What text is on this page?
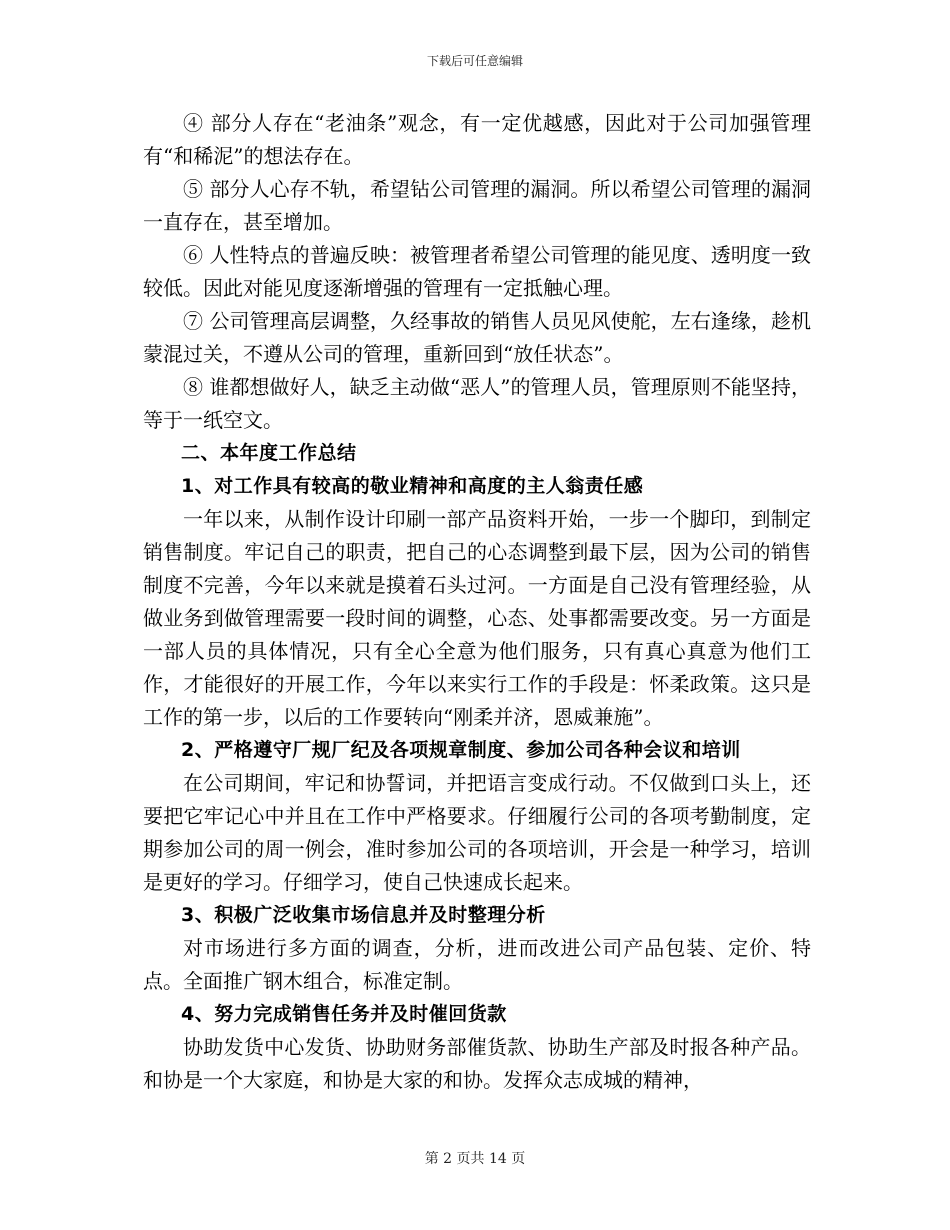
下载后可任意编辑

④ 部分人存在“老油条”观念，有一定优越感，因此对于公司加强管理有“和稀泥”的想法存在。

⑤ 部分人心存不轨，希望钻公司管理的漏洞。所以希望公司管理的漏洞一直存在，甚至增加。

⑥ 人性特点的普遍反映：被管理者希望公司管理的能见度、透明度一致较低。因此对能见度逐渐增强的管理有一定抵触心理。

⑦ 公司管理高层调整，久经事故的销售人员见风使舵，左右逢缘，趁机蒙混过关，不遵从公司的管理，重新回到“放任状态”。

⑧ 谁都想做好人，缺乏主动做“恶人”的管理人员，管理原则不能坚持，等于一纸空文。

二、本年度工作总结

1、对工作具有较高的敬业精神和高度的主人翁责任感

一年以来，从制作设计印刷一部产品资料开始，一步一个脚印，到制定销售制度。牢记自己的职责，把自己的心态调整到最下层，因为公司的销售制度不完善，今年以来就是摸着石头过河。一方面是自己没有管理经验，从做业务到做管理需要一段时间的调整，心态、处事都需要改变。另一方面是一部人员的具体情况，只有全心全意为他们服务，只有真心真意为他们工作，才能很好的开展工作，今年以来实行工作的手段是：怀柔政策。这只是工作的第一步，以后的工作要转向“刚柔并济，恩威兼施”。

2、严格遵守厂规厂纪及各项规章制度、参加公司各种会议和培训

在公司期间，牢记和协誓词，并把语言变成行动。不仅做到口头上，还要把它牢记心中并且在工作中严格要求。仔细履行公司的各项考勤制度，定期参加公司的周一例会，准时参加公司的各项培训，开会是一种学习，培训是更好的学习。仔细学习，使自己快速成长起来。

3、积极广泛收集市场信息并及时整理分析

对市场进行多方面的调查，分析，进而改进公司产品包装、定价、特点。全面推广钢木组合，标准定制。

4、努力完成销售任务并及时催回货款

协助发货中心发货、协助财务部催货款、协助生产部及时报各种产品。和协是一个大家庭，和协是大家的和协。发挥众志成城的精神，

第 2 页共 14 页
